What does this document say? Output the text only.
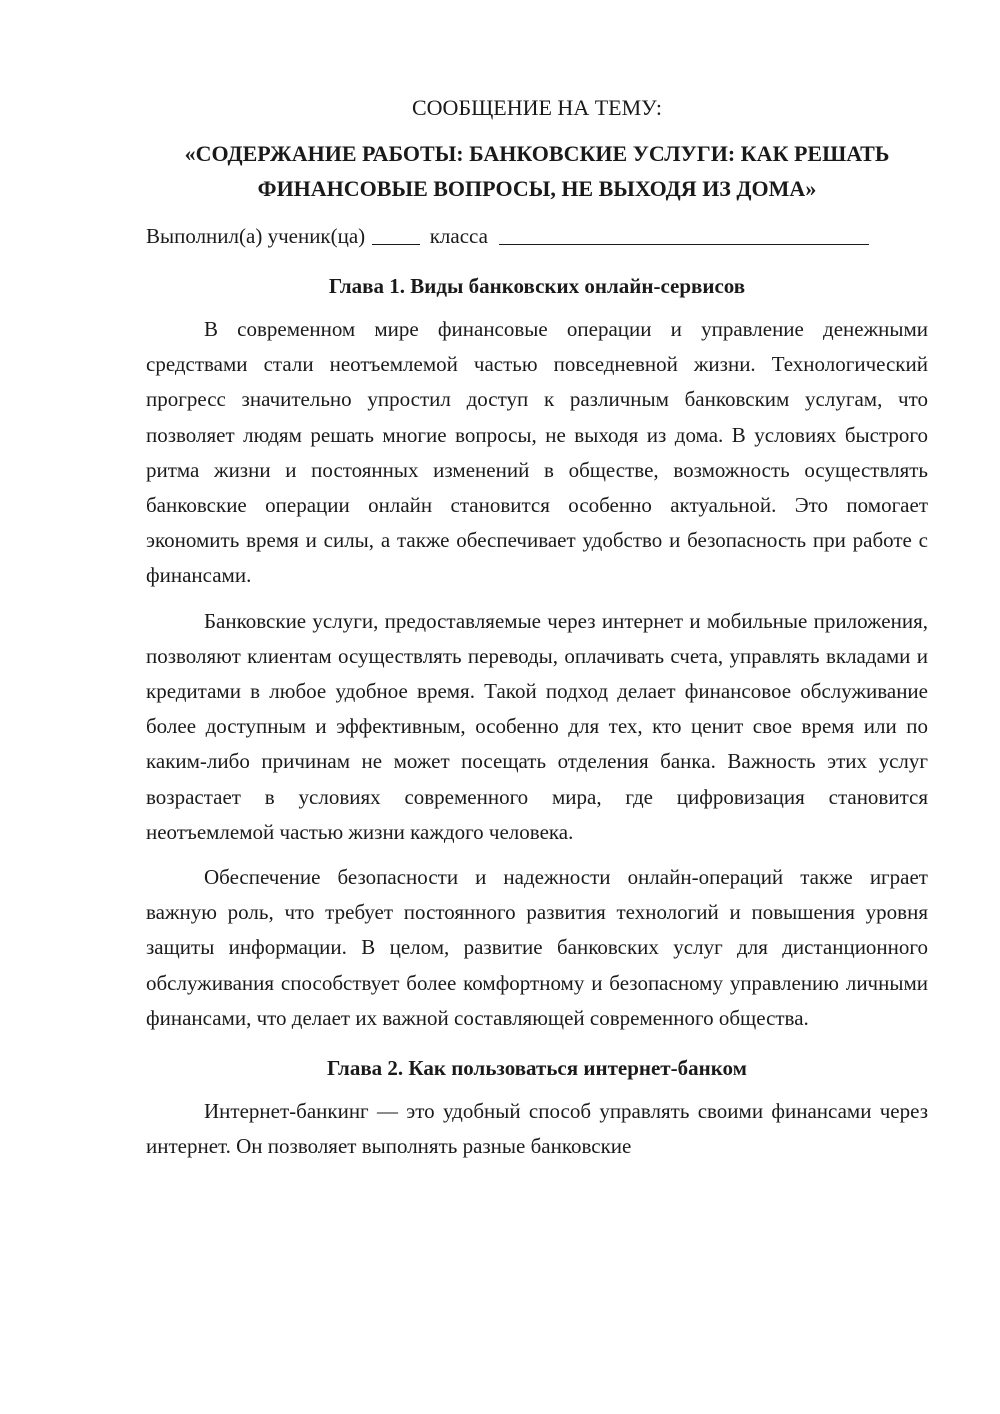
СООБЩЕНИЕ НА ТЕМУ:
«СОДЕРЖАНИЕ РАБОТЫ: БАНКОВСКИЕ УСЛУГИ: КАК РЕШАТЬ ФИНАНСОВЫЕ ВОПРОСЫ, НЕ ВЫХОДЯ ИЗ ДОМА»
Выполнил(а) ученик(ца)	класса
Глава 1. Виды банковских онлайн-сервисов

В современном мире финансовые операции и управление денежными средствами стали неотъемлемой частью повседневной жизни. Технологический прогресс значительно упростил доступ к различным банковским услугам, что позволяет людям решать многие вопросы, не выходя из дома. В условиях быстрого ритма жизни и постоянных изменений в обществе, возможность осуществлять банковские операции онлайн становится особенно актуальной. Это помогает экономить время и силы, а также обеспечивает удобство и безопасность при работе с финансами.

Банковские услуги, предоставляемые через интернет и мобильные приложения, позволяют клиентам осуществлять переводы, оплачивать счета, управлять вкладами и кредитами в любое удобное время. Такой подход делает финансовое обслуживание более доступным и эффективным, особенно для тех, кто ценит свое время или по каким-либо причинам не может посещать отделения банка. Важность этих услуг возрастает в условиях современного мира, где цифровизация становится неотъемлемой частью жизни каждого человека.

Обеспечение безопасности и надежности онлайн-операций также играет важную роль, что требует постоянного развития технологий и повышения уровня защиты информации. В целом, развитие банковских услуг для дистанционного обслуживания способствует более комфортному и безопасному управлению личными финансами, что делает их важной составляющей современного общества.

Глава 2. Как пользоваться интернет-банком

Интернет-банкинг — это удобный способ управлять своими финансами через интернет. Он позволяет выполнять разные банковские
